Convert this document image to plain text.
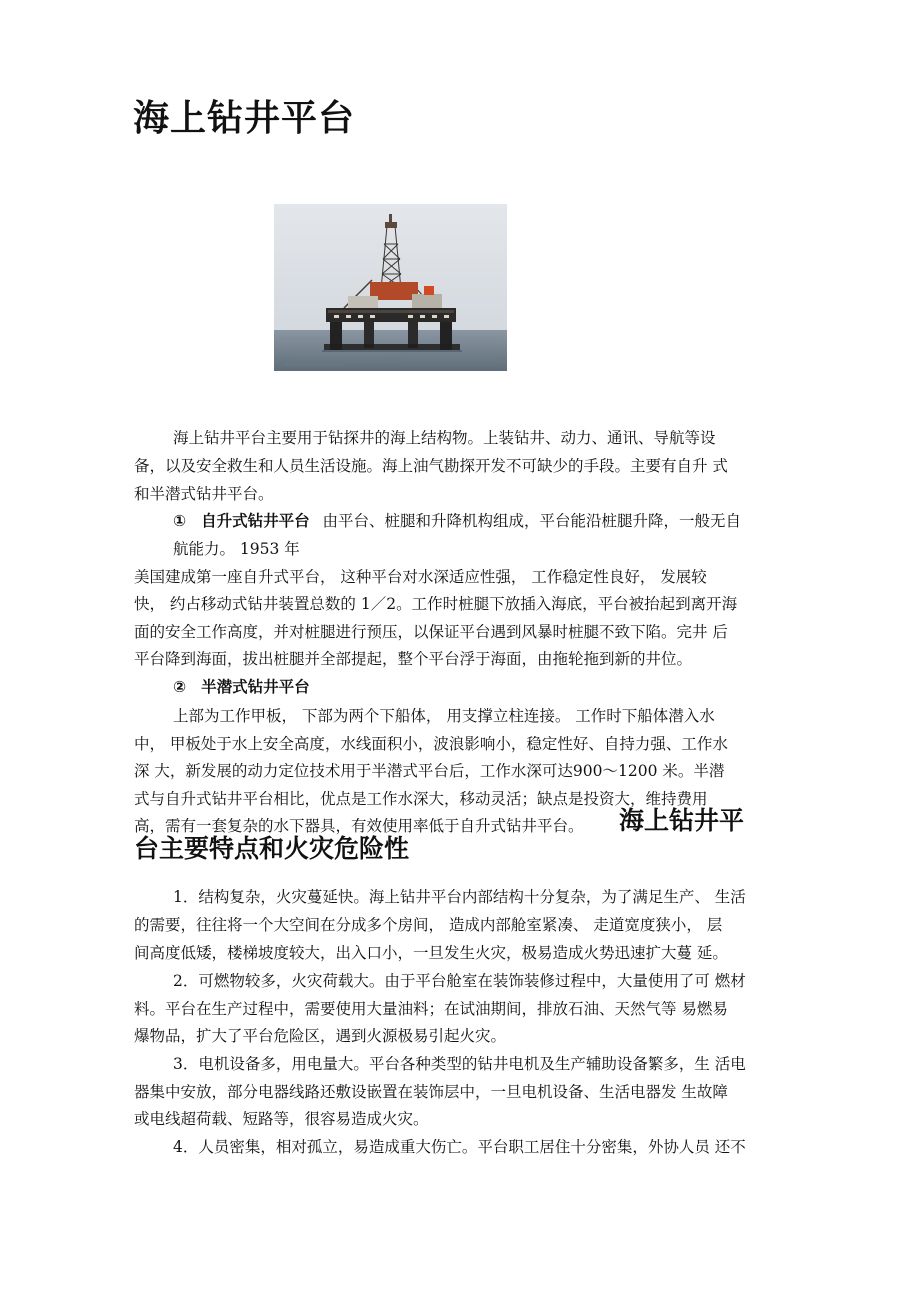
海上钻井平台
海上钻井平台主要用于钻探井的海上结构物。上装钻井、动力、通讯、导航等设
备，以及安全救生和人员生活设施。海上油气勘探开发不可缺少的手段。主要有自升 式
和半潜式钻井平台。
① 自升式钻井平台 由平台、桩腿和升降机构组成，平台能沿桩腿升降，一般无自
航能力。 1953 年
美国建成第一座自升式平台， 这种平台对水深适应性强， 工作稳定性良好， 发展较
快， 约占移动式钻井装置总数的 1／2。工作时桩腿下放插入海底，平台被抬起到离开海
面的安全工作高度，并对桩腿进行预压，以保证平台遇到风暴时桩腿不致下陷。完井 后
平台降到海面，拔出桩腿并全部提起，整个平台浮于海面，由拖轮拖到新的井位。
② 半潜式钻井平台
上部为工作甲板， 下部为两个下船体， 用支撑立柱连接。 工作时下船体潜入水
中， 甲板处于水上安全高度，水线面积小，波浪影响小，稳定性好、自持力强、工作水
深 大，新发展的动力定位技术用于半潜式平台后，工作水深可达900～1200 米。半潜
式与自升式钻井平台相比，优点是工作水深大，移动灵活；缺点是投资大，维持费用
高，需有一套复杂的水下器具，有效使用率低于自升式钻井平台。 海上钻井平
台主要特点和火灾危险性
1．结构复杂，火灾蔓延快。海上钻井平台内部结构十分复杂，为了满足生产、 生活
的需要，往往将一个大空间在分成多个房间， 造成内部舱室紧凑、 走道宽度狭小， 层
间高度低矮，楼梯坡度较大，出入口小，一旦发生火灾，极易造成火势迅速扩大蔓 延。
2．可燃物较多，火灾荷载大。由于平台舱室在装饰装修过程中，大量使用了可 燃材
料。平台在生产过程中，需要使用大量油料；在试油期间，排放石油、天然气等 易燃易
爆物品，扩大了平台危险区，遇到火源极易引起火灾。
3．电机设备多，用电量大。平台各种类型的钻井电机及生产辅助设备繁多，生 活电
器集中安放，部分电器线路还敷设嵌置在装饰层中，一旦电机设备、生活电器发 生故障
或电线超荷载、短路等，很容易造成火灾。
4．人员密集，相对孤立，易造成重大伤亡。平台职工居住十分密集，外协人员 还不
